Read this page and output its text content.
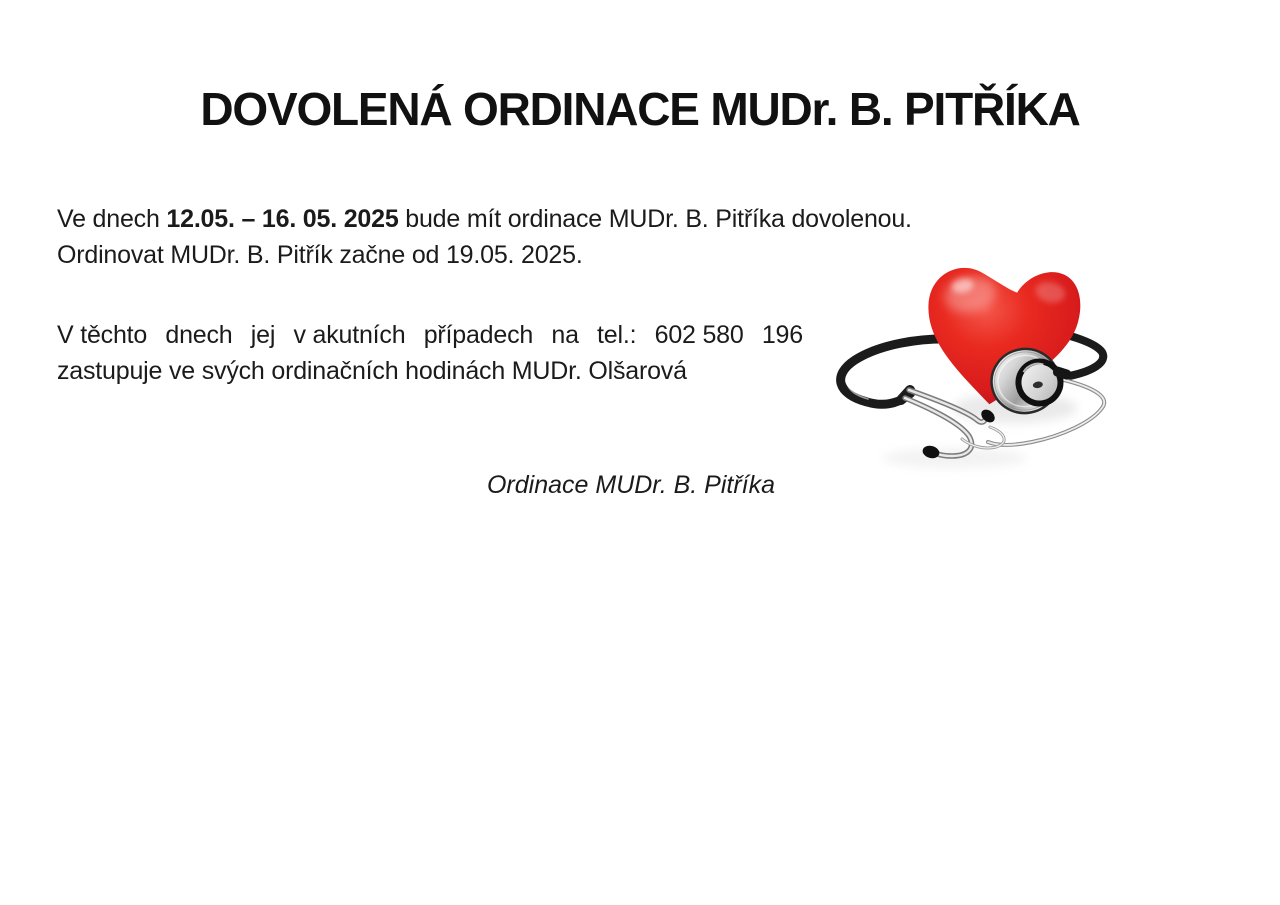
DOVOLENÁ ORDINACE MUDr. B. PITŘÍKA

Ve dnech 12.05. – 16. 05. 2025 bude mít ordinace MUDr. B. Pitříka dovolenou.
Ordinovat MUDr. B. Pitřík začne od 19.05. 2025.

V těchto dnech jej v akutních případech na tel.: 602 580 196

zastupuje ve svých ordinačních hodinách MUDr. Olšarová

Ordinace MUDr. B. Pitříka
